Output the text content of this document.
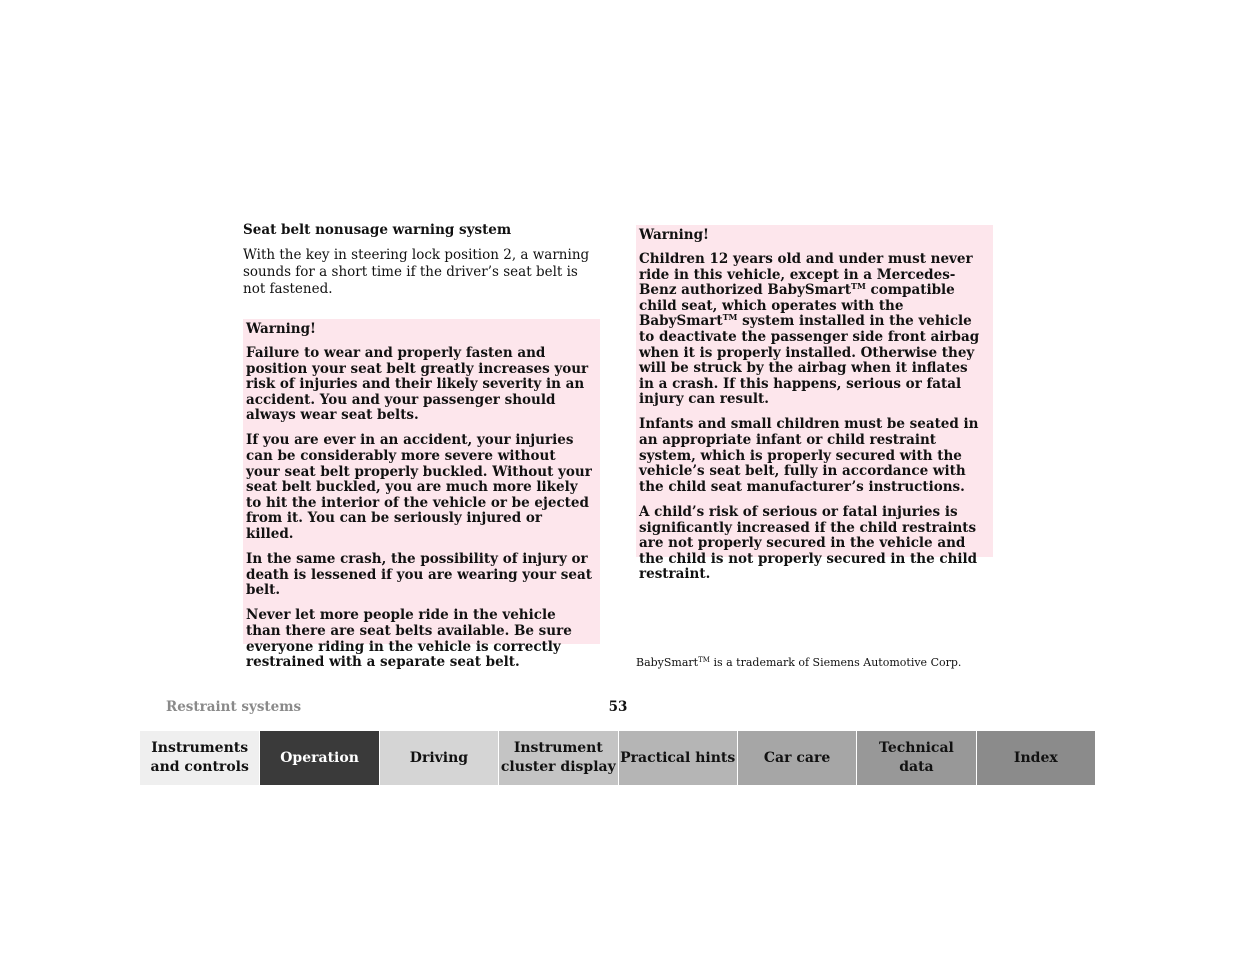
Seat belt nonusage warning system

With the key in steering lock position 2, a warning sounds for a short time if the driver’s seat belt is not fastened.

Warning!

Failure to wear and properly fasten and position your seat belt greatly increases your risk of injuries and their likely severity in an accident. You and your passenger should always wear seat belts.

If you are ever in an accident, your injuries can be considerably more severe without your seat belt properly buckled. Without your seat belt buckled, you are much more likely to hit the interior of the vehicle or be ejected from it. You can be seriously injured or killed.

In the same crash, the possibility of injury or death is lessened if you are wearing your seat belt.

Never let more people ride in the vehicle than there are seat belts available. Be sure everyone riding in the vehicle is correctly restrained with a separate seat belt.

Warning!

Children 12 years old and under must never ride in this vehicle, except in a Mercedes-Benz authorized BabySmart™ compatible child seat, which operates with the BabySmart™ system installed in the vehicle to deactivate the passenger side front airbag when it is properly installed. Otherwise they will be struck by the airbag when it inflates in a crash. If this happens, serious or fatal injury can result.

Infants and small children must be seated in an appropriate infant or child restraint system, which is properly secured with the vehicle’s seat belt, fully in accordance with the child seat manufacturer’s instructions.

A child’s risk of serious or fatal injuries is significantly increased if the child restraints are not properly secured in the vehicle and the child is not properly secured in the child restraint.

BabySmart™ is a trademark of Siemens Automotive Corp.

Restraint systems	53
Instruments
and controls
Operation	Driving
Instrument
cluster display
Practical hints	Car care
Technical
data
Index
